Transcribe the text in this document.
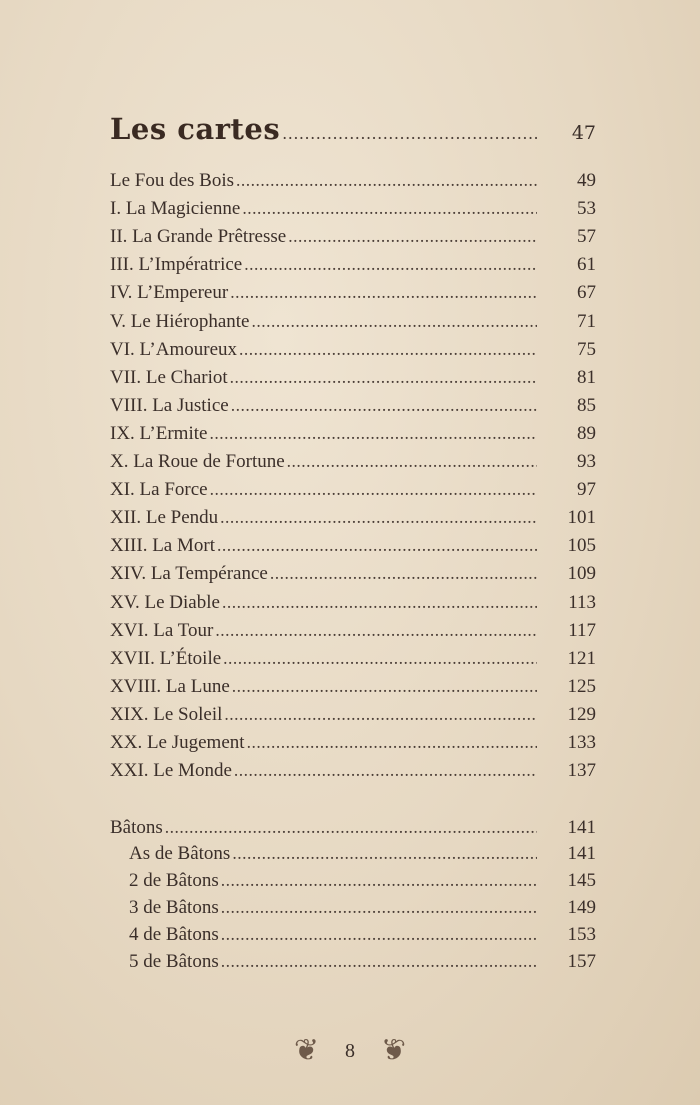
Les cartes .....	47
Le Fou des Bois .....	49
I. La Magicienne .....	53
II. La Grande Prêtresse .....	57
III. L’Impératrice .....	61
IV. L’Empereur .....	67
V. Le Hiérophante .....	71
VI. L’Amoureux .....	75
VII. Le Chariot .....	81
VIII. La Justice .....	85
IX. L’Ermite .....	89
X. La Roue de Fortune .....	93
XI. La Force .....	97
XII. Le Pendu .....	101
XIII. La Mort .....	105
XIV. La Tempérance .....	109
XV. Le Diable .....	113
XVI. La Tour .....	117
XVII. L’Étoile .....	121
XVIII. La Lune .....	125
XIX. Le Soleil .....	129
XX. Le Jugement .....	133
XXI. Le Monde .....	137
Bâtons .....	141
As de Bâtons .....	141
2 de Bâtons .....	145
3 de Bâtons .....	149
4 de Bâtons .....	153
5 de Bâtons .....	157
❦ 8 ❦
